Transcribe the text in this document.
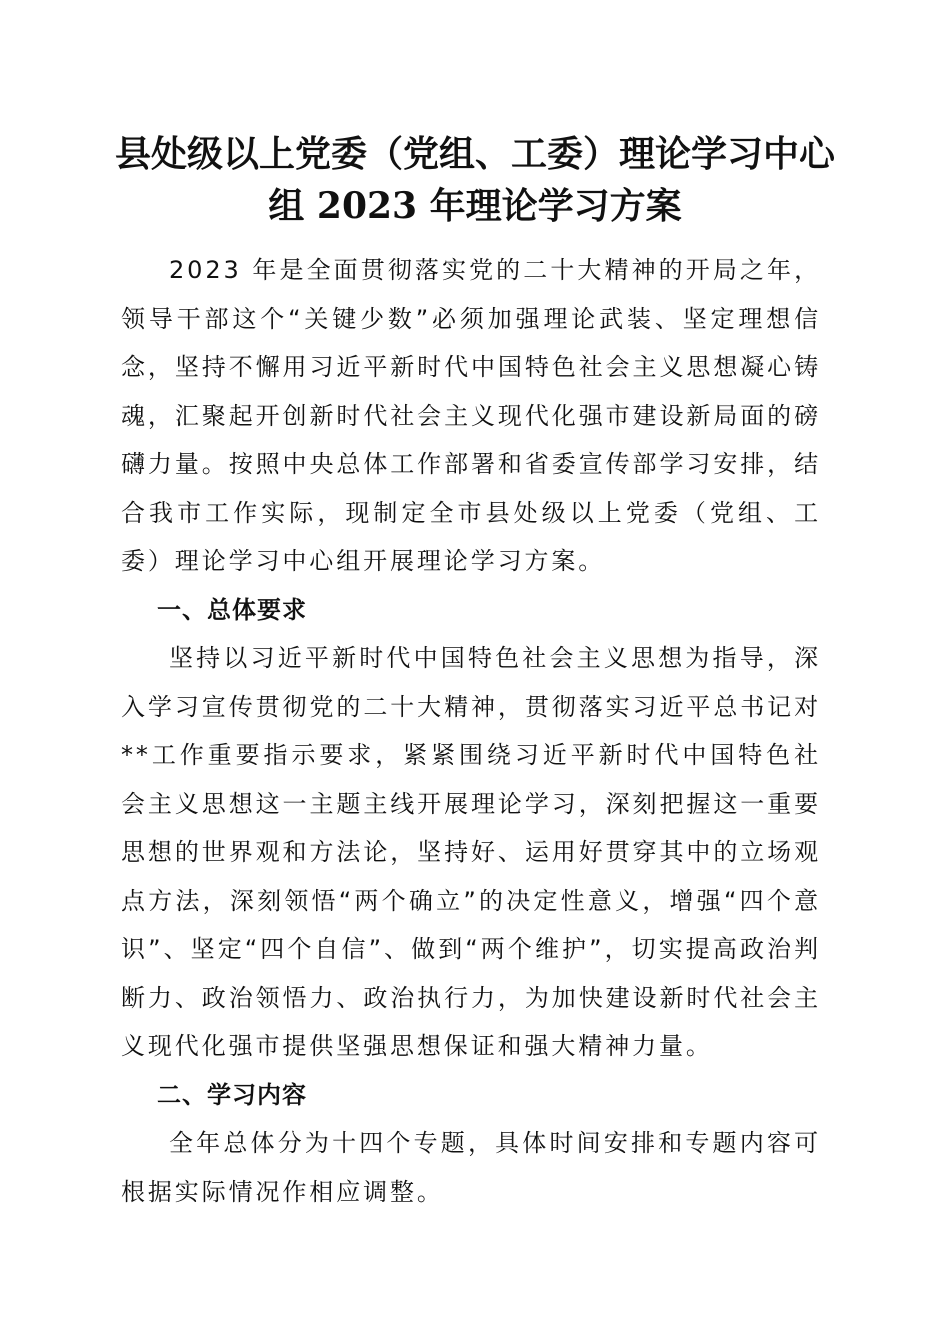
县处级以上党委（党组、工委）理论学习中心
组 2023 年理论学习方案

2023 年是全面贯彻落实党的二十大精神的开局之年，领导干部这个“关键少数”必须加强理论武装、坚定理想信念，坚持不懈用习近平新时代中国特色社会主义思想凝心铸魂，汇聚起开创新时代社会主义现代化强市建设新局面的磅礴力量。按照中央总体工作部署和省委宣传部学习安排，结合我市工作实际，现制定全市县处级以上党委（党组、工委）理论学习中心组开展理论学习方案。

一、总体要求

坚持以习近平新时代中国特色社会主义思想为指导，深入学习宣传贯彻党的二十大精神，贯彻落实习近平总书记对**工作重要指示要求，紧紧围绕习近平新时代中国特色社会主义思想这一主题主线开展理论学习，深刻把握这一重要思想的世界观和方法论，坚持好、运用好贯穿其中的立场观点方法，深刻领悟“两个确立”的决定性意义，增强“四个意识”、坚定“四个自信”、做到“两个维护”，切实提高政治判断力、政治领悟力、政治执行力，为加快建设新时代社会主义现代化强市提供坚强思想保证和强大精神力量。

二、学习内容

全年总体分为十四个专题，具体时间安排和专题内容可根据实际情况作相应调整。
